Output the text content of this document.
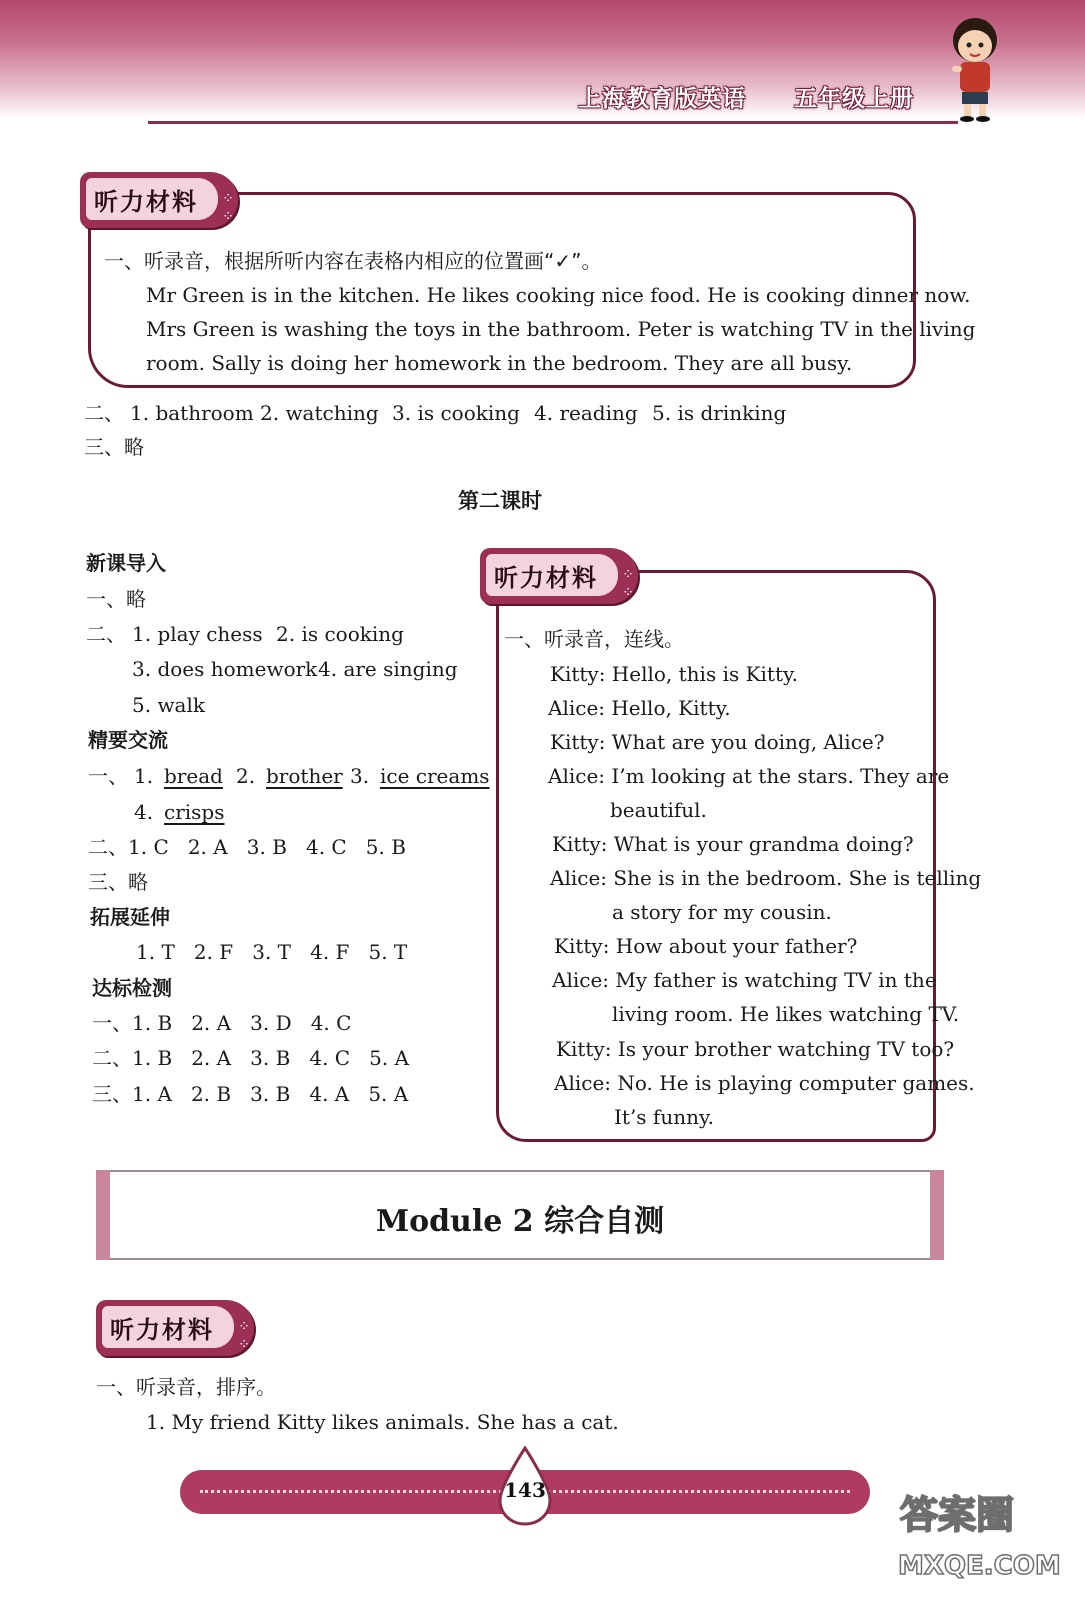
上海教育版英语 五年级上册
听力材料	⁘
⁘
一、听录音，根据所听内容在表格内相应的位置画“✓”。
Mr Green is in the kitchen. He likes cooking nice food. He is cooking dinner now.
Mrs Green is washing the toys in the bathroom. Peter is watching TV in the living
room. Sally is doing her homework in the bedroom. They are all busy.
二、 1. bathroom 2. watching 3. is cooking 4. reading 5. is drinking
三、略
第二课时
新课导入
一、略
二、 1. play chess 2. is cooking
3. does homework 4. are singing
5. walk
精要交流
一、 1. bread 2. brother 3. ice creams
4. crisps
二、1. C   2. A   3. B   4. C   5. B
三、略
拓展延伸
1. T   2. F   3. T   4. F   5. T
达标检测
一、1. B   2. A   3. D   4. C
二、1. B   2. A   3. B   4. C   5. A
三、1. A   2. B   3. B   4. A   5. A
听力材料	⁘
⁘
一、听录音，连线。
Kitty: Hello, this is Kitty.
Alice: Hello, Kitty.
Kitty: What are you doing, Alice?
Alice: I’m looking at the stars. They are
beautiful.
Kitty: What is your grandma doing?
Alice: She is in the bedroom. She is telling
a story for my cousin.
Kitty: How about your father?
Alice: My father is watching TV in the
living room. He likes watching TV.
Kitty: Is your brother watching TV too?
Alice: No. He is playing computer games.
It’s funny.
Module 2 综合自测
听力材料	⁘
⁘
一、听录音，排序。
1. My friend Kitty likes animals. She has a cat.
143
答案圈
MXQE.COM
